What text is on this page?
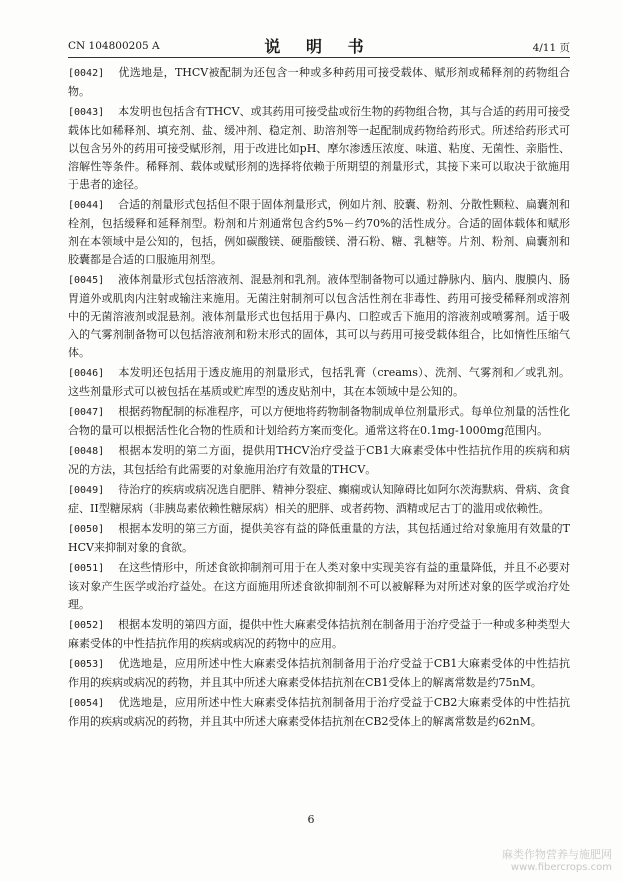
CN 104800205 A	说 明 书	4/11 页

[0042] 优选地是，THCV被配制为还包含一种或多种药用可接受载体、赋形剂或稀释剂的药物组合物。

[0043] 本发明也包括含有THCV、或其药用可接受盐或衍生物的药物组合物，其与合适的药用可接受载体比如稀释剂、填充剂、盐、缓冲剂、稳定剂、助溶剂等一起配制成药物给药形式。所述给药形式可以包含另外的药用可接受赋形剂，用于改进比如pH、摩尔渗透压浓度、味道、粘度、无菌性、亲脂性、溶解性等条件。稀释剂、载体或赋形剂的选择将依赖于所期望的剂量形式，其接下来可以取决于欲施用于患者的途径。

[0044] 合适的剂量形式包括但不限于固体剂量形式，例如片剂、胶囊、粉剂、分散性颗粒、扁囊剂和栓剂，包括缓释和延释剂型。粉剂和片剂通常包含约5%－约70%的活性成分。合适的固体载体和赋形剂在本领域中是公知的，包括，例如碳酸镁、硬脂酸镁、滑石粉、糖、乳糖等。片剂、粉剂、扁囊剂和胶囊都是合适的口服施用剂型。

[0045] 液体剂量形式包括溶液剂、混悬剂和乳剂。液体型制备物可以通过静脉内、脑内、腹膜内、肠胃道外或肌肉内注射或输注来施用。无菌注射制剂可以包含活性剂在非毒性、药用可接受稀释剂或溶剂中的无菌溶液剂或混悬剂。液体剂量形式也包括用于鼻内、口腔或舌下施用的溶液剂或喷雾剂。适于吸入的气雾剂制备物可以包括溶液剂和粉末形式的固体，其可以与药用可接受载体组合，比如惰性压缩气体。

[0046] 本发明还包括用于透皮施用的剂量形式，包括乳膏（creams）、洗剂、气雾剂和／或乳剂。这些剂量形式可以被包括在基质或贮库型的透皮贴剂中，其在本领域中是公知的。

[0047] 根据药物配制的标准程序，可以方便地将药物制备物制成单位剂量形式。每单位剂量的活性化合物的量可以根据活性化合物的性质和计划给药方案而变化。通常这将在0.1mg-1000mg范围内。

[0048] 根据本发明的第二方面，提供用THCV治疗受益于CB1大麻素受体中性拮抗作用的疾病和病况的方法，其包括给有此需要的对象施用治疗有效量的THCV。

[0049] 待治疗的疾病或病况选自肥胖、精神分裂症、癫痫或认知障碍比如阿尔茨海默病、骨病、贪食症、II型糖尿病（非胰岛素依赖性糖尿病）相关的肥胖、或者药物、酒精或尼古丁的滥用或依赖性。

[0050] 根据本发明的第三方面，提供美容有益的降低重量的方法，其包括通过给对象施用有效量的THCV来抑制对象的食欲。

[0051] 在这些情形中，所述食欲抑制剂可用于在人类对象中实现美容有益的重量降低，并且不必要对该对象产生医学或治疗益处。在这方面施用所述食欲抑制剂不可以被解释为对所述对象的医学或治疗处理。

[0052] 根据本发明的第四方面，提供中性大麻素受体拮抗剂在制备用于治疗受益于一种或多种类型大麻素受体的中性拮抗作用的疾病或病况的药物中的应用。

[0053] 优选地是，应用所述中性大麻素受体拮抗剂制备用于治疗受益于CB1大麻素受体的中性拮抗作用的疾病或病况的药物，并且其中所述大麻素受体拮抗剂在CB1受体上的解离常数是约75nM。

[0054] 优选地是，应用所述中性大麻素受体拮抗剂制备用于治疗受益于CB2大麻素受体的中性拮抗作用的疾病或病况的药物，并且其中所述大麻素受体拮抗剂在CB2受体上的解离常数是约62nM。

6
麻类作物营养与施肥网
www.fibercrops.com
